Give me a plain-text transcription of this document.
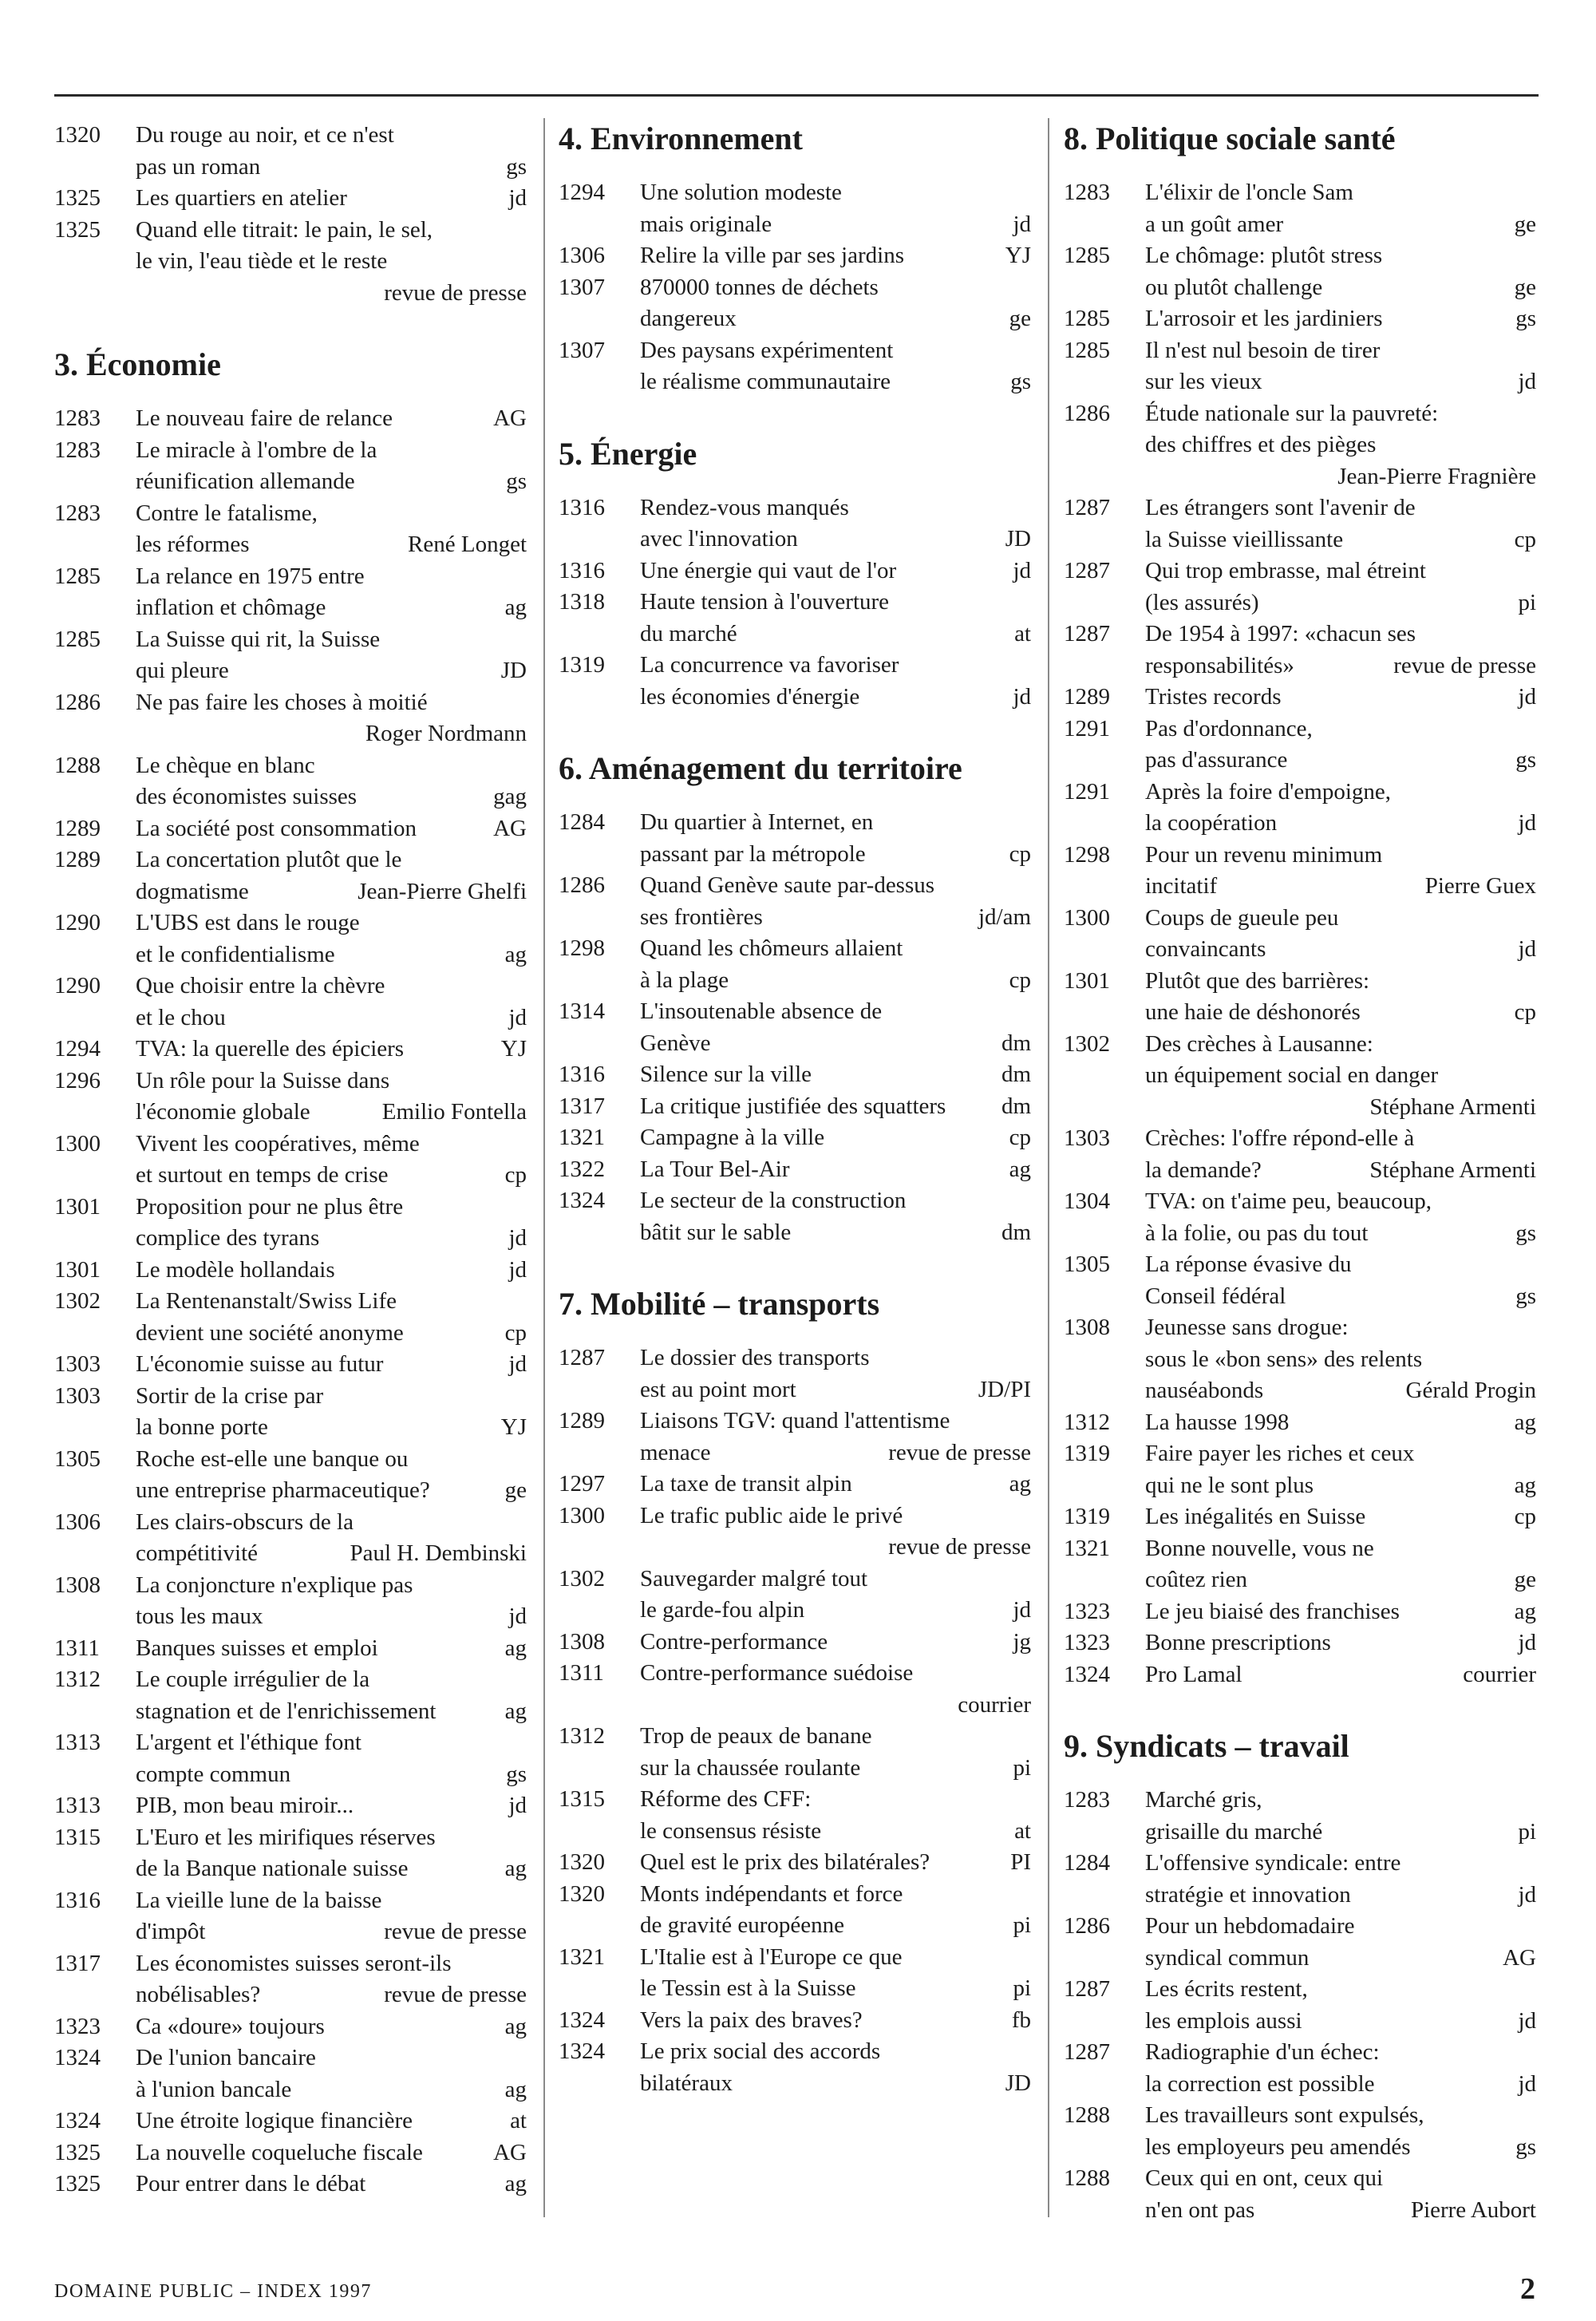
1320	Du rouge au noir, et ce n'est
pas un roman	gs
1325	Les quartiers en atelier	jd
1325	Quand elle titrait: le pain, le sel,
le vin, l'eau tiède et le reste
revue de presse
3. Économie
1283	Le nouveau faire de relance	AG
1283	Le miracle à l'ombre de la
réunification allemande	gs
1283	Contre le fatalisme,
les réformes	René Longet
1285	La relance en 1975 entre
inflation et chômage	ag
1285	La Suisse qui rit, la Suisse
qui pleure	JD
1286	Ne pas faire les choses à moitié
Roger Nordmann
1288	Le chèque en blanc
des économistes suisses	gag
1289	La société post consommation	AG
1289	La concertation plutôt que le
dogmatisme	Jean-Pierre Ghelfi
1290	L'UBS est dans le rouge
et le confidentialisme	ag
1290	Que choisir entre la chèvre
et le chou	jd
1294	TVA: la querelle des épiciers	YJ
1296	Un rôle pour la Suisse dans
l'économie globale	Emilio Fontella
1300	Vivent les coopératives, même
et surtout en temps de crise	cp
1301	Proposition pour ne plus être
complice des tyrans	jd
1301	Le modèle hollandais	jd
1302	La Rentenanstalt/Swiss Life
devient une société anonyme	cp
1303	L'économie suisse au futur	jd
1303	Sortir de la crise par
la bonne porte	YJ
1305	Roche est-elle une banque ou
une entreprise pharmaceutique?	ge
1306	Les clairs-obscurs de la
compétitivité	Paul H. Dembinski
1308	La conjoncture n'explique pas
tous les maux	jd
1311	Banques suisses et emploi	ag
1312	Le couple irrégulier de la
stagnation et de l'enrichissement	ag
1313	L'argent et l'éthique font
compte commun	gs
1313	PIB, mon beau miroir...	jd
1315	L'Euro et les mirifiques réserves
de la Banque nationale suisse	ag
1316	La vieille lune de la baisse
d'impôt	revue de presse
1317	Les économistes suisses seront-ils
nobélisables?	revue de presse
1323	Ca «doure» toujours	ag
1324	De l'union bancaire
à l'union bancale	ag
1324	Une étroite logique financière	at
1325	La nouvelle coqueluche fiscale	AG
1325	Pour entrer dans le débat	ag
4. Environnement
1294	Une solution modeste
mais originale	jd
1306	Relire la ville par ses jardins	YJ
1307	870000 tonnes de déchets
dangereux	ge
1307	Des paysans expérimentent
le réalisme communautaire	gs
5. Énergie
1316	Rendez-vous manqués
avec l'innovation	JD
1316	Une énergie qui vaut de l'or	jd
1318	Haute tension à l'ouverture
du marché	at
1319	La concurrence va favoriser
les économies d'énergie	jd
6. Aménagement du territoire
1284	Du quartier à Internet, en
passant par la métropole	cp
1286	Quand Genève saute par-dessus
ses frontières	jd/am
1298	Quand les chômeurs allaient
à la plage	cp
1314	L'insoutenable absence de
Genève	dm
1316	Silence sur la ville	dm
1317	La critique justifiée des squatters dm
1321	Campagne à la ville	cp
1322	La Tour Bel-Air	ag
1324	Le secteur de la construction
bâtit sur le sable	dm
7. Mobilité – transports
1287	Le dossier des transports
est au point mort	JD/PI
1289	Liaisons TGV: quand l'attentisme
menace	revue de presse
1297	La taxe de transit alpin	ag
1300	Le trafic public aide le privé
revue de presse
1302	Sauvegarder malgré tout
le garde-fou alpin	jd
1308	Contre-performance	jg
1311	Contre-performance suédoise
courrier
1312	Trop de peaux de banane
sur la chaussée roulante	pi
1315	Réforme des CFF:
le consensus résiste	at
1320	Quel est le prix des bilatérales?	PI
1320	Monts indépendants et force
de gravité européenne	pi
1321	L'Italie est à l'Europe ce que
le Tessin est à la Suisse	pi
1324	Vers la paix des braves?	fb
1324	Le prix social des accords
bilatéraux	JD
8. Politique sociale santé
1283	L'élixir de l'oncle Sam
a un goût amer	ge
1285	Le chômage: plutôt stress
ou plutôt challenge	ge
1285	L'arrosoir et les jardiniers	gs
1285	Il n'est nul besoin de tirer
sur les vieux	jd
1286	Étude nationale sur la pauvreté:
des chiffres et des pièges
Jean-Pierre Fragnière
1287	Les étrangers sont l'avenir de
la Suisse vieillissante	cp
1287	Qui trop embrasse, mal étreint
(les assurés)	pi
1287	De 1954 à 1997: «chacun ses
responsabilités»	revue de presse
1289	Tristes records	jd
1291	Pas d'ordonnance,
pas d'assurance	gs
1291	Après la foire d'empoigne,
la coopération	jd
1298	Pour un revenu minimum
incitatif	Pierre Guex
1300	Coups de gueule peu
convaincants	jd
1301	Plutôt que des barrières:
une haie de déshonorés	cp
1302	Des crèches à Lausanne:
un équipement social en danger
Stéphane Armenti
1303	Crèches: l'offre répond-elle à
la demande?	Stéphane Armenti
1304	TVA: on t'aime peu, beaucoup,
à la folie, ou pas du tout	gs
1305	La réponse évasive du
Conseil fédéral	gs
1308	Jeunesse sans drogue:
sous le «bon sens» des relents
nauséabonds	Gérald Progin
1312	La hausse 1998	ag
1319	Faire payer les riches et ceux
qui ne le sont plus	ag
1319	Les inégalités en Suisse	cp
1321	Bonne nouvelle, vous ne
coûtez rien	ge
1323	Le jeu biaisé des franchises	ag
1323	Bonne prescriptions	jd
1324	Pro Lamal	courrier
9. Syndicats – travail
1283	Marché gris,
grisaille du marché	pi
1284	L'offensive syndicale: entre
stratégie et innovation	jd
1286	Pour un hebdomadaire
syndical commun	AG
1287	Les écrits restent,
les emplois aussi	jd
1287	Radiographie d'un échec:
la correction est possible	jd
1288	Les travailleurs sont expulsés,
les employeurs peu amendés	gs
1288	Ceux qui en ont, ceux qui
n'en ont pas	Pierre Aubort
DOMAINE PUBLIC – INDEX 1997	2
